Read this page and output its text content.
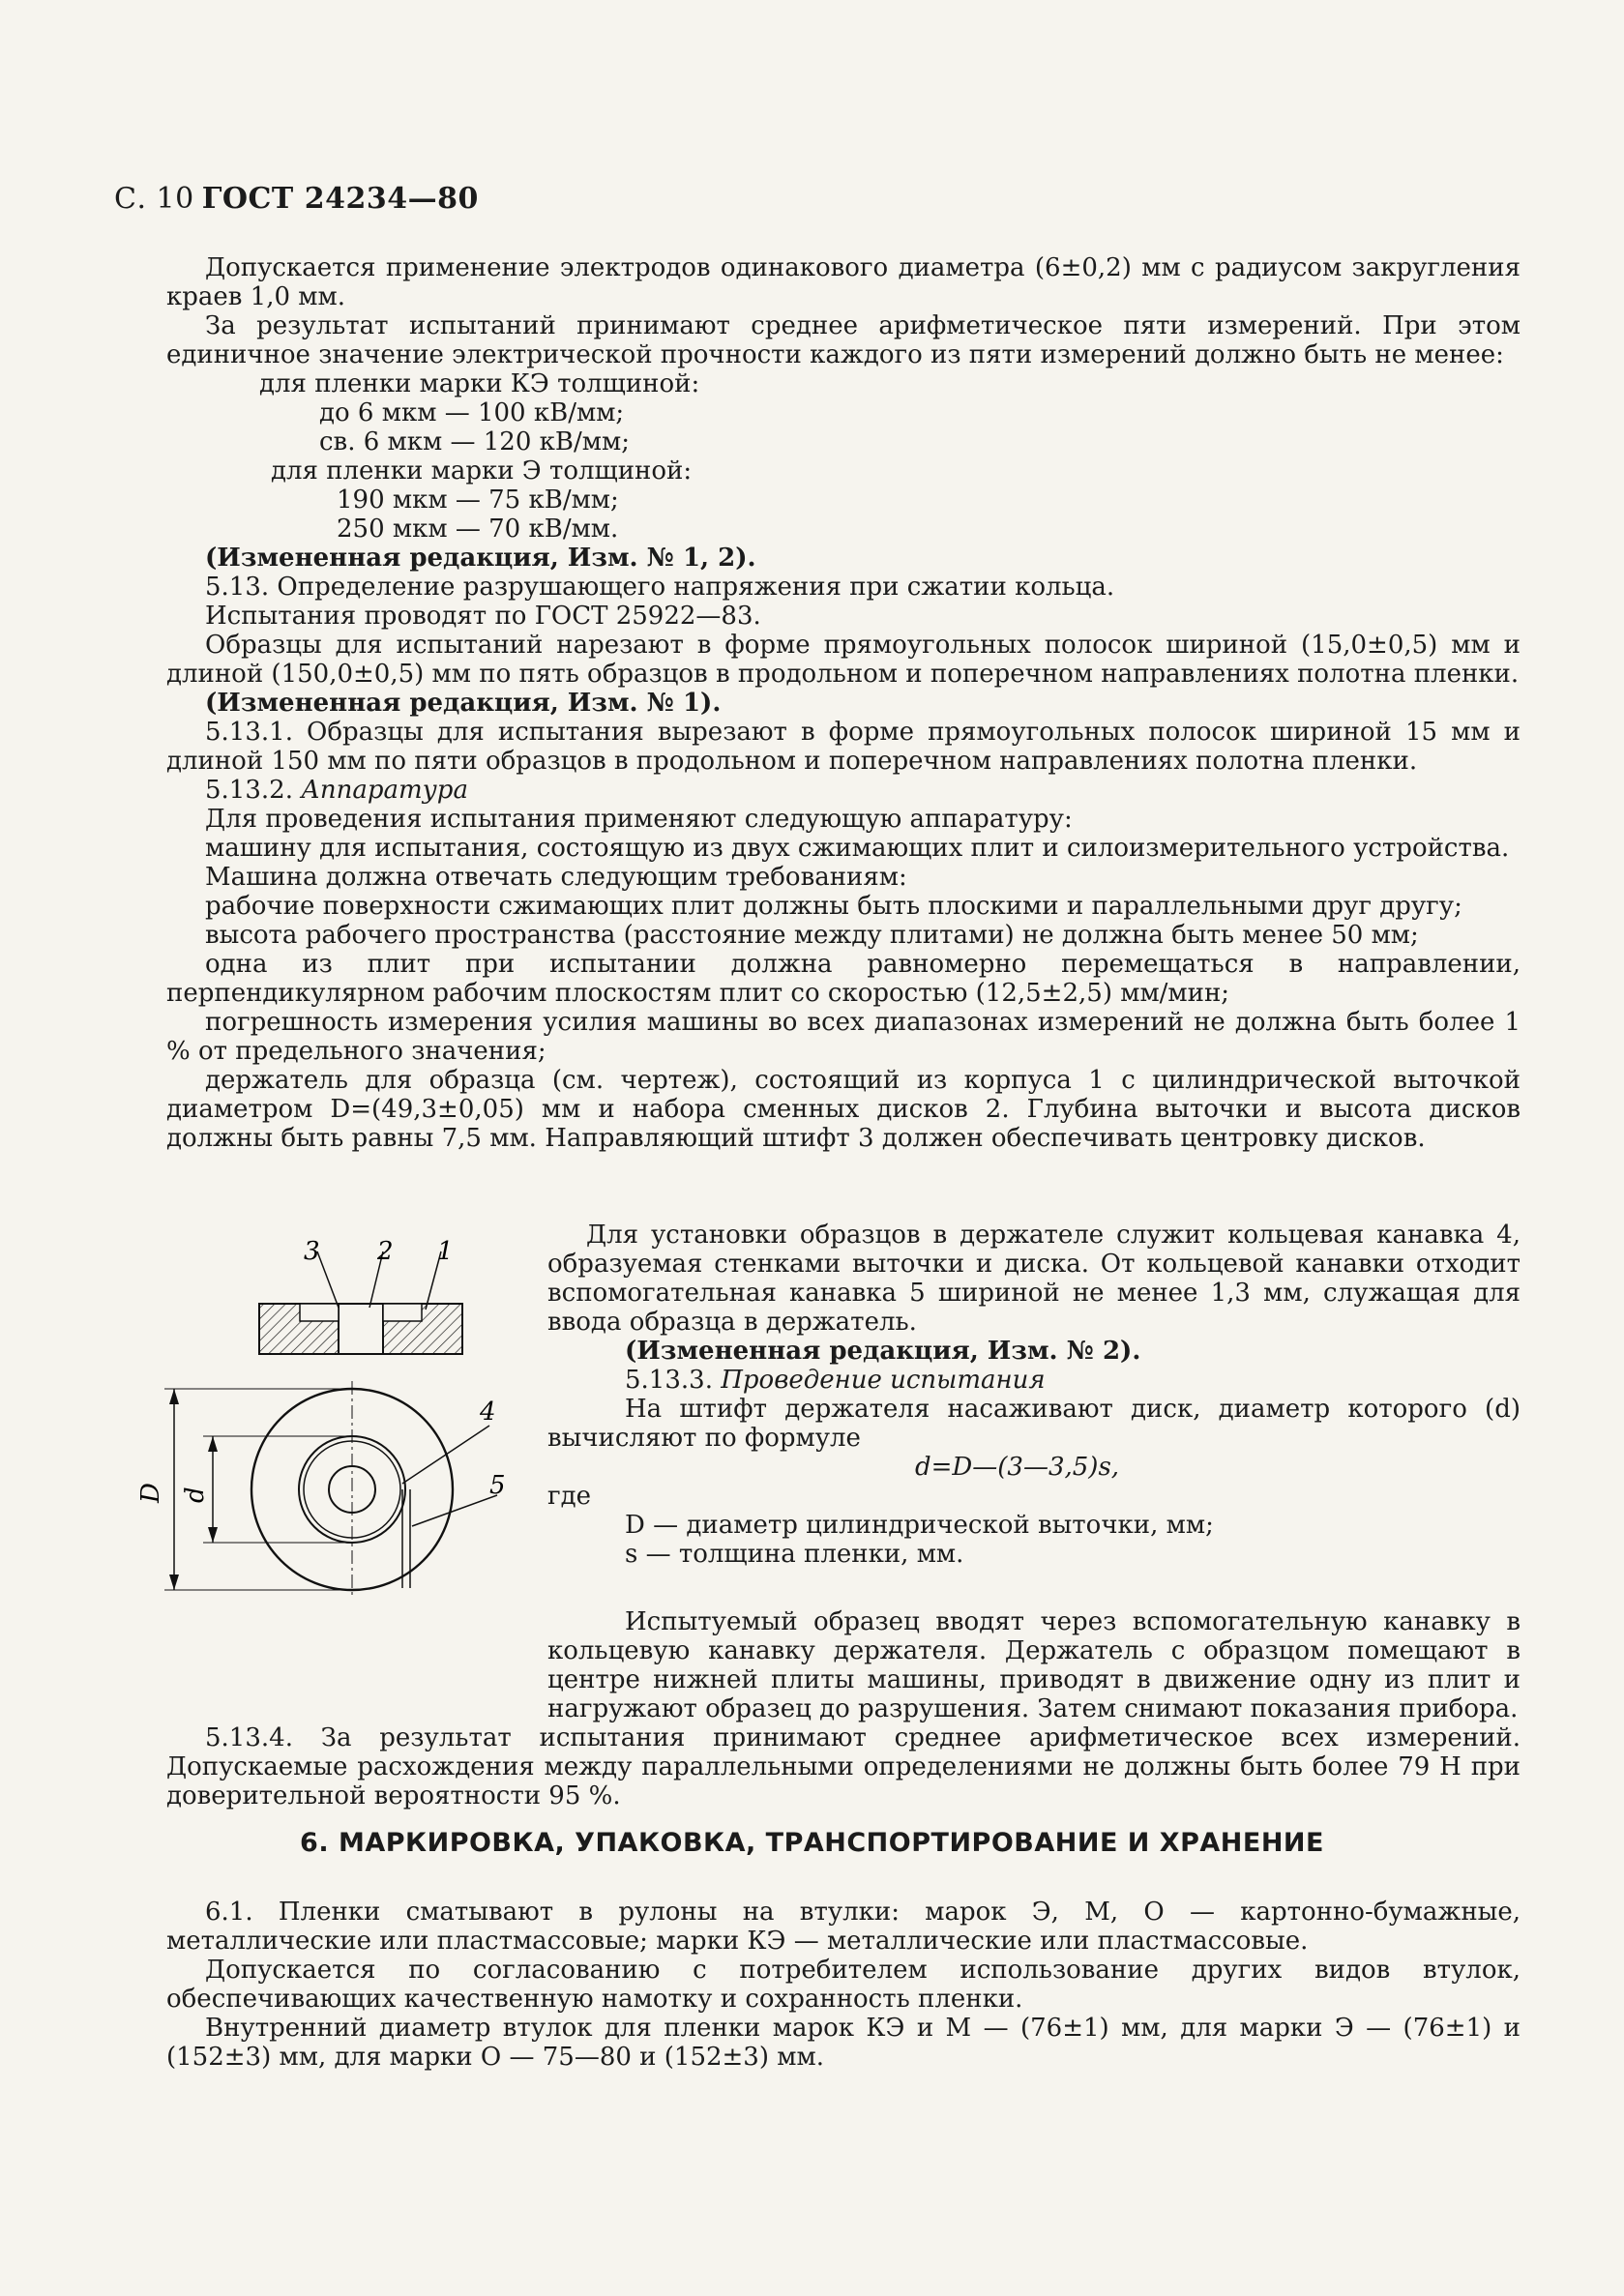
С. 10 ГОСТ 24234—80

Допускается применение электродов одинакового диаметра (6±0,2) мм с радиусом закругления краев 1,0 мм.

За результат испытаний принимают среднее арифметическое пяти измерений. При этом единичное значение электрической прочности каждого из пяти измерений должно быть не менее:

для пленки марки КЭ толщиной:

до 6 мкм — 100 кВ/мм;

св. 6 мкм — 120 кВ/мм;

для пленки марки Э толщиной:

190 мкм — 75 кВ/мм;

250 мкм — 70 кВ/мм.

(Измененная редакция, Изм. № 1, 2).

5.13. Определение разрушающего напряжения при сжатии кольца.

Испытания проводят по ГОСТ 25922—83.

Образцы для испытаний нарезают в форме прямоугольных полосок шириной (15,0±0,5) мм и длиной (150,0±0,5) мм по пять образцов в продольном и поперечном направлениях полотна пленки.

(Измененная редакция, Изм. № 1).

5.13.1. Образцы для испытания вырезают в форме прямоугольных полосок шириной 15 мм и длиной 150 мм по пяти образцов в продольном и поперечном направлениях полотна пленки.

5.13.2. Аппаратура

Для проведения испытания применяют следующую аппаратуру:

машину для испытания, состоящую из двух сжимающих плит и силоизмерительного устройства.

Машина должна отвечать следующим требованиям:

рабочие поверхности сжимающих плит должны быть плоскими и параллельными друг другу;

высота рабочего пространства (расстояние между плитами) не должна быть менее 50 мм;

одна из плит при испытании должна равномерно перемещаться в направлении, перпендикулярном рабочим плоскостям плит со скоростью (12,5±2,5) мм/мин;

погрешность измерения усилия машины во всех диапазонах измерений не должна быть более 1 % от предельного значения;

держатель для образца (см. чертеж), состоящий из корпуса 1 с цилиндрической выточкой диаметром D=(49,3±0,05) мм и набора сменных дисков 2. Глубина выточки и высота дисков должны быть равны 7,5 мм. Направляющий штифт 3 должен обеспечивать центровку дисков.

3 2 1
D d
4
5

Для установки образцов в держателе служит кольцевая канавка 4, образуемая стенками выточки и диска. От кольцевой канавки отходит вспомогательная канавка 5 шириной не менее 1,3 мм, служащая для ввода образца в держатель.

(Измененная редакция, Изм. № 2).

5.13.3. Проведение испытания

На штифт держателя насаживают диск, диаметр которого (d) вычисляют по формуле

d=D—(3—3,5)s,

где

D — диаметр цилиндрической выточки, мм;

s — толщина пленки, мм.

Испытуемый образец вводят через вспомогательную канавку в кольцевую канавку держателя. Держатель с образцом помещают в центре нижней плиты машины, приводят в движение одну из плит и нагружают образец до разрушения. Затем снимают показания прибора.

5.13.4. За результат испытания принимают среднее арифметическое всех измерений. Допускаемые расхождения между параллельными определениями не должны быть более 79 Н при доверительной вероятности 95 %.

6. МАРКИРОВКА, УПАКОВКА, ТРАНСПОРТИРОВАНИЕ И ХРАНЕНИЕ

6.1. Пленки сматывают в рулоны на втулки: марок Э, М, О — картонно-бумажные, металлические или пластмассовые; марки КЭ — металлические или пластмассовые.

Допускается по согласованию с потребителем использование других видов втулок, обеспечивающих качественную намотку и сохранность пленки.

Внутренний диаметр втулок для пленки марок КЭ и М — (76±1) мм, для марки Э — (76±1) и (152±3) мм, для марки О — 75—80 и (152±3) мм.
